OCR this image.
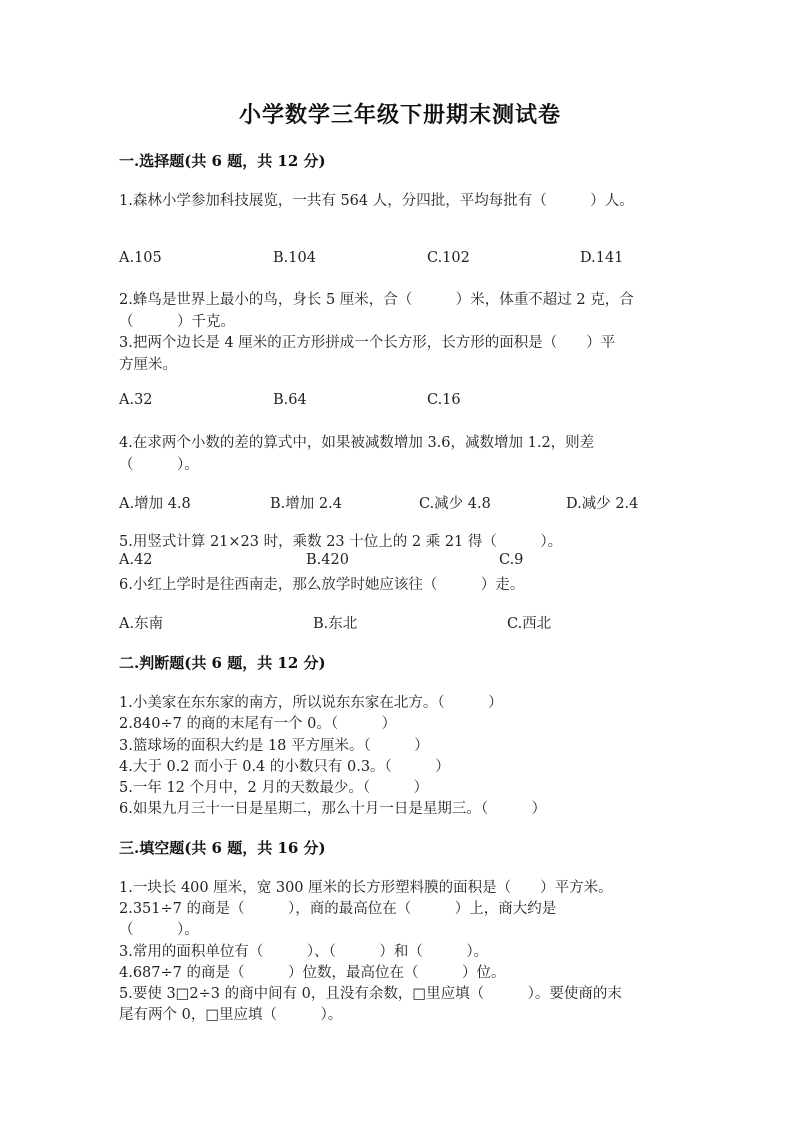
小学数学三年级下册期末测试卷
一.选择题(共 6 题，共 12 分)
1.森林小学参加科技展览，一共有 564 人，分四批，平均每批有（　　　）人。
A.105	B.104	C.102	D.141
2.蜂鸟是世界上最小的鸟，身长 5 厘米，合（　　　）米，体重不超过 2 克，合
（　　　）千克。
3.把两个边长是 4 厘米的正方形拼成一个长方形，长方形的面积是（　　）平
方厘米。
A.32	B.64	C.16
4.在求两个小数的差的算式中，如果被减数增加 3.6，减数增加 1.2，则差
（　　　）。
A.增加 4.8	B.增加 2.4	C.减少 4.8	D.减少 2.4
5.用竖式计算 21×23 时，乘数 23 十位上的 2 乘 21 得（　　　）。
A.42	B.420	C.9
6.小红上学时是往西南走，那么放学时她应该往（　　　）走。
A.东南	B.东北	C.西北
二.判断题(共 6 题，共 12 分)
1.小美家在东东家的南方，所以说东东家在北方。（　　　）
2.840÷7 的商的末尾有一个 0。（　　　）
3.篮球场的面积大约是 18 平方厘米。（　　　）
4.大于 0.2 而小于 0.4 的小数只有 0.3。（　　　）
5.一年 12 个月中，2 月的天数最少。（　　　）
6.如果九月三十一日是星期二，那么十月一日是星期三。（　　　）
三.填空题(共 6 题，共 16 分)
1.一块长 400 厘米，宽 300 厘米的长方形塑料膜的面积是（　　）平方米。
2.351÷7 的商是（　　　），商的最高位在（　　　）上，商大约是
（　　　）。
3.常用的面积单位有（　　　）、（　　　）和（　　　）。
4.687÷7 的商是（　　　）位数，最高位在（　　　）位。
5.要使 3□2÷3 的商中间有 0，且没有余数，□里应填（　　　）。要使商的末
尾有两个 0，□里应填（　　　）。
